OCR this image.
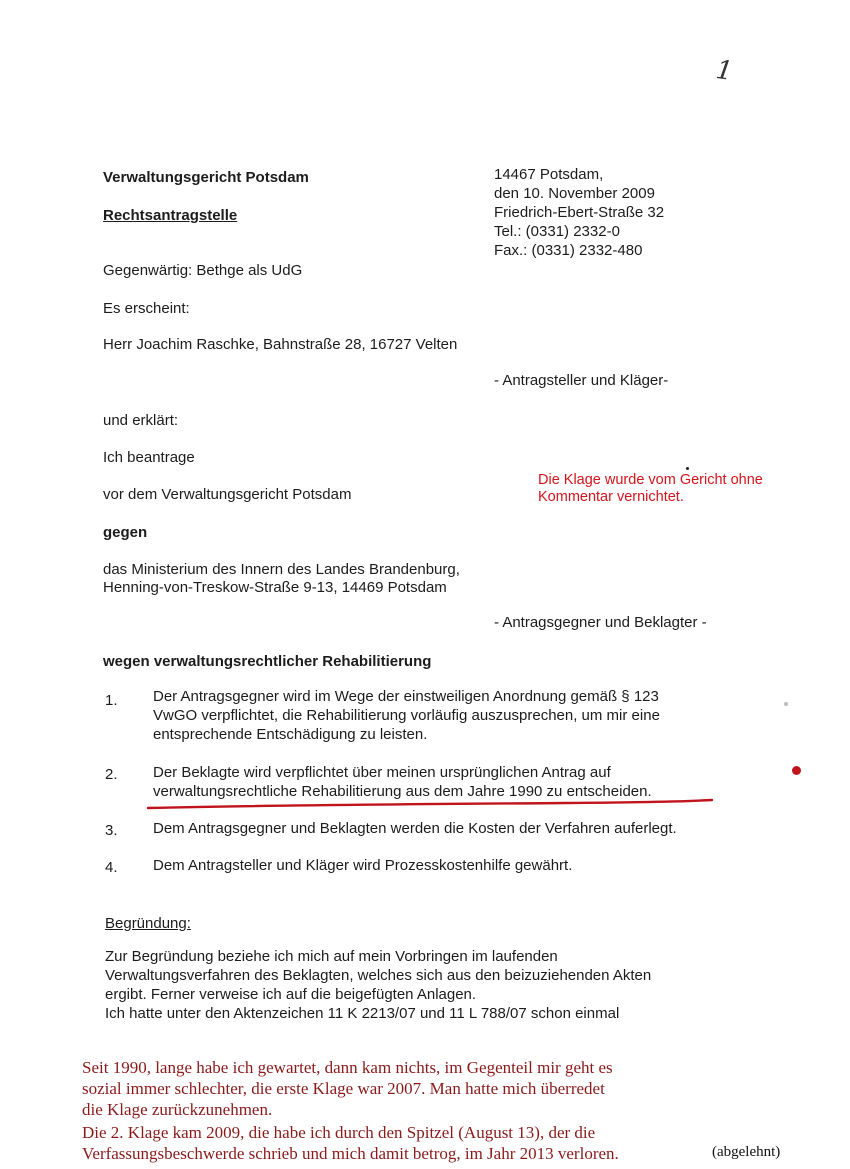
1
Verwaltungsgericht Potsdam
Rechtsantragstelle
14467 Potsdam,
den 10. November 2009
Friedrich-Ebert-Straße 32
Tel.: (0331) 2332-0
Fax.: (0331) 2332-480
Gegenwärtig: Bethge als UdG
Es erscheint:
Herr Joachim Raschke, Bahnstraße 28, 16727 Velten
- Antragsteller und Kläger-
und erklärt:
Ich beantrage
vor dem Verwaltungsgericht Potsdam
gegen
das Ministerium des Innern des Landes Brandenburg,
Henning-von-Treskow-Straße 9-13, 14469 Potsdam
- Antragsgegner und Beklagter -
wegen verwaltungsrechtlicher Rehabilitierung
Die Klage wurde vom Gericht ohne
Kommentar vernichtet.
1.	Der Antragsgegner wird im Wege der einstweiligen Anordnung gemäß § 123
VwGO verpflichtet, die Rehabilitierung vorläufig auszusprechen, um mir eine
entsprechende Entschädigung zu leisten.
2.	Der Beklagte wird verpflichtet über meinen ursprünglichen Antrag auf
verwaltungsrechtliche Rehabilitierung aus dem Jahre 1990 zu entscheiden.
3.	Dem Antragsgegner und Beklagten werden die Kosten der Verfahren auferlegt.
4.	Dem Antragsteller und Kläger wird Prozesskostenhilfe gewährt.
Begründung:
Zur Begründung beziehe ich mich auf mein Vorbringen im laufenden
Verwaltungsverfahren des Beklagten, welches sich aus den beizuziehenden Akten
ergibt. Ferner verweise ich auf die beigefügten Anlagen.
Ich hatte unter den Aktenzeichen 11 K 2213/07 und 11 L 788/07 schon einmal
Seit 1990, lange habe ich gewartet, dann kam nichts, im Gegenteil mir geht es
sozial immer schlechter, die erste Klage war 2007. Man hatte mich überredet
die Klage zurückzunehmen.
Die 2. Klage kam 2009, die habe ich durch den Spitzel (August 13), der die
Verfassungsbeschwerde schrieb und mich damit betrog, im Jahr 2013 verloren.	(abgelehnt)
